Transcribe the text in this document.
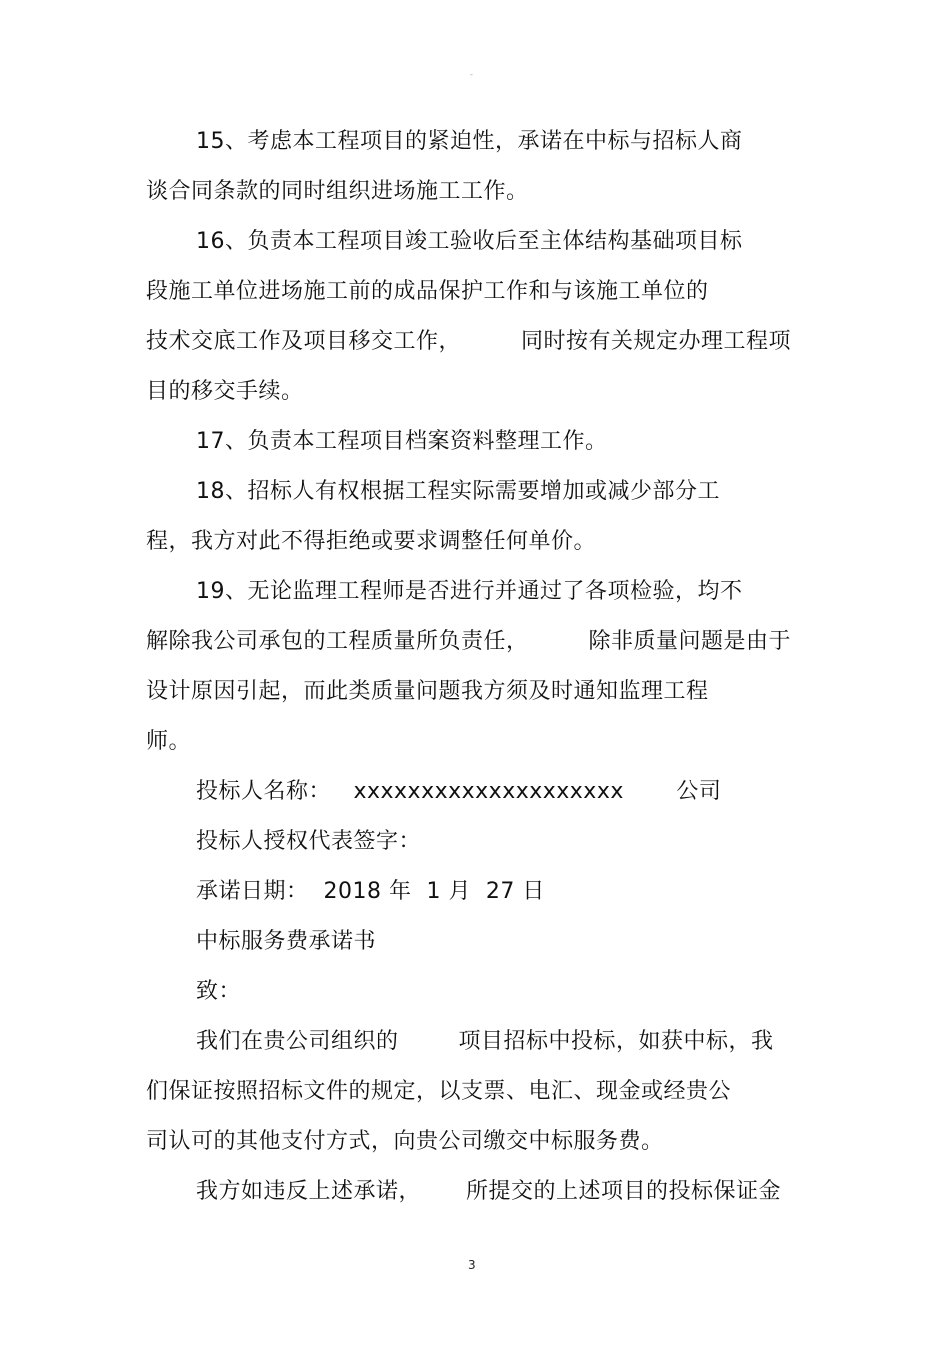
-
15、考虑本工程项目的紧迫性，承诺在中标与招标人商
谈合同条款的同时组织进场施工工作。
16、负责本工程项目竣工验收后至主体结构基础项目标
段施工单位进场施工前的成品保护工作和与该施工单位的
技术交底工作及项目移交工作，        同时按有关规定办理工程项
目的移交手续。
17、负责本工程项目档案资料整理工作。
18、招标人有权根据工程实际需要增加或减少部分工
程，我方对此不得拒绝或要求调整任何单价。
19、无论监理工程师是否进行并通过了各项检验，均不
解除我公司承包的工程质量所负责任，        除非质量问题是由于
设计原因引起，而此类质量问题我方须及时通知监理工程
师。
投标人名称：   xxxxxxxxxxxxxxxxxxxx       公司
投标人授权代表签字：
承诺日期：  2018 年  1 月  27 日
中标服务费承诺书
致：
我们在贵公司组织的        项目招标中投标，如获中标，我
们保证按照招标文件的规定，以支票、电汇、现金或经贵公
司认可的其他支付方式，向贵公司缴交中标服务费。
我方如违反上述承诺，      所提交的上述项目的投标保证金
3
